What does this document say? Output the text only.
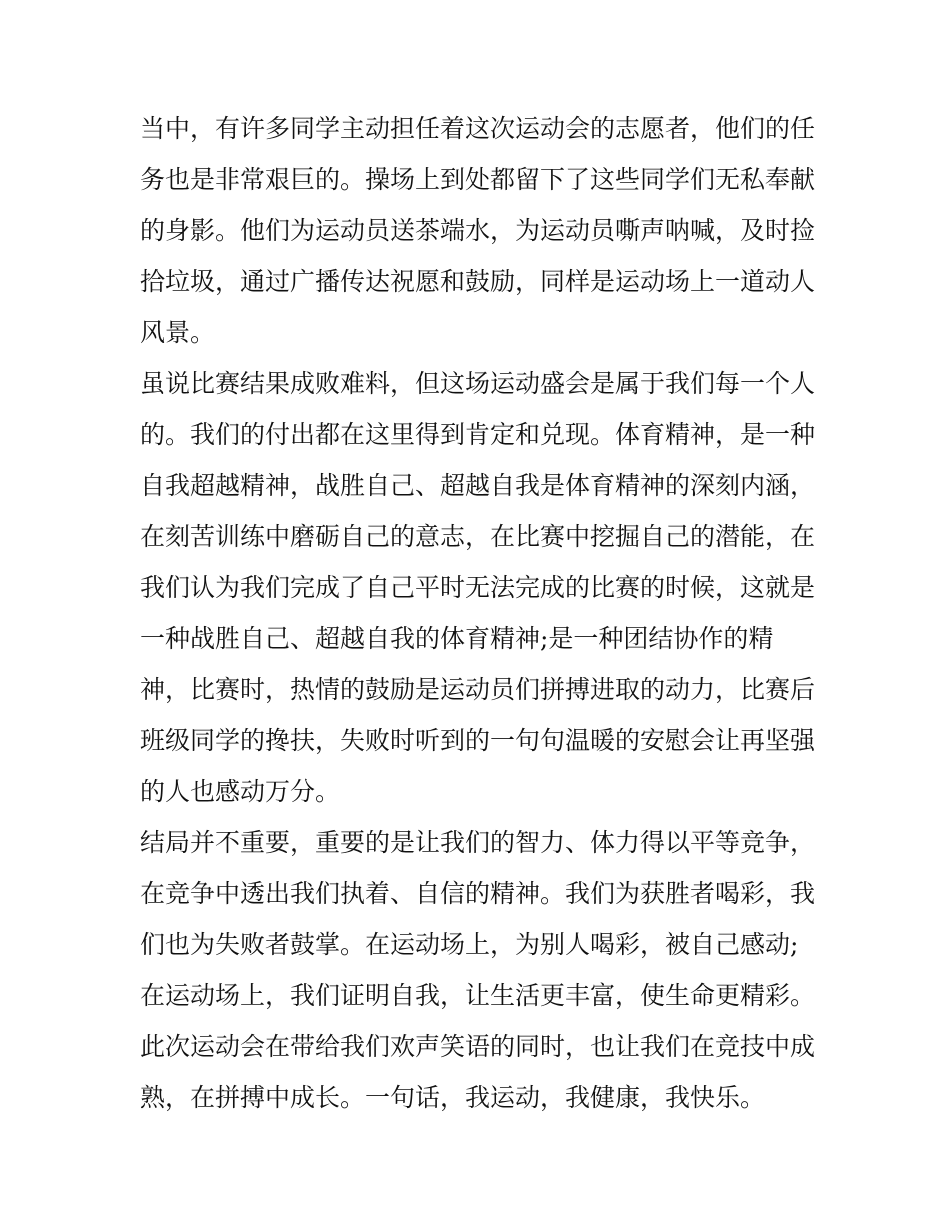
当中，有许多同学主动担任着这次运动会的志愿者，他们的任
务也是非常艰巨的。操场上到处都留下了这些同学们无私奉献
的身影。他们为运动员送茶端水，为运动员嘶声呐喊，及时捡
拾垃圾，通过广播传达祝愿和鼓励，同样是运动场上一道动人
风景。
虽说比赛结果成败难料，但这场运动盛会是属于我们每一个人
的。我们的付出都在这里得到肯定和兑现。体育精神，是一种
自我超越精神，战胜自己、超越自我是体育精神的深刻内涵，
在刻苦训练中磨砺自己的意志，在比赛中挖掘自己的潜能，在
我们认为我们完成了自己平时无法完成的比赛的时候，这就是
一种战胜自己、超越自我的体育精神;是一种团结协作的精
神，比赛时，热情的鼓励是运动员们拼搏进取的动力，比赛后
班级同学的搀扶，失败时听到的一句句温暖的安慰会让再坚强
的人也感动万分。
结局并不重要，重要的是让我们的智力、体力得以平等竞争，
在竞争中透出我们执着、自信的精神。我们为获胜者喝彩，我
们也为失败者鼓掌。在运动场上，为别人喝彩，被自己感动;
在运动场上，我们证明自我，让生活更丰富，使生命更精彩。
此次运动会在带给我们欢声笑语的同时，也让我们在竞技中成
熟，在拼搏中成长。一句话，我运动，我健康，我快乐。
